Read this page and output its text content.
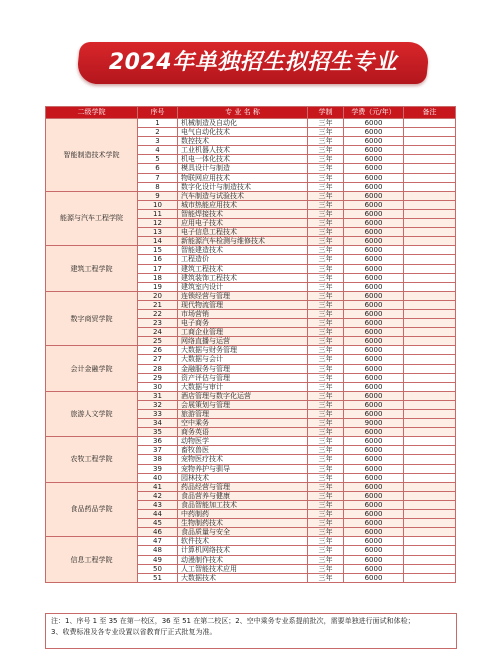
2024年单独招生拟招生专业
二级学院	序号	专 业 名 称	学制	学费（元/年）	备注
智能制造技术学院	1	机械制造及自动化	三年	6000	
	2	电气自动化技术	三年	6000	
	3	数控技术	三年	6000	
	4	工业机器人技术	三年	6000	
	5	机电一体化技术	三年	6000	
	6	模具设计与制造	三年	6000	
	7	物联网应用技术	三年	6000	
	8	数字化设计与制造技术	三年	6000	
能源与汽车工程学院	9	汽车制造与试验技术	三年	6000	
	10	城市热能应用技术	三年	6000	
	11	智能焊接技术	三年	6000	
	12	应用电子技术	三年	6000	
	13	电子信息工程技术	三年	6000	
	14	新能源汽车检测与维修技术	三年	6000	
建筑工程学院	15	智能建造技术	三年	6000	
	16	工程造价	三年	6000	
	17	建筑工程技术	三年	6000	
	18	建筑装饰工程技术	三年	6000	
	19	建筑室内设计	三年	6000	
数字商贸学院	20	连锁经营与管理	三年	6000	
	21	现代物流管理	三年	6000	
	22	市场营销	三年	6000	
	23	电子商务	三年	6000	
	24	工商企业管理	三年	6000	
	25	网络直播与运营	三年	6000	
会计金融学院	26	大数据与财务管理	三年	6000	
	27	大数据与会计	三年	6000	
	28	金融服务与管理	三年	6000	
	29	资产评估与管理	三年	6000	
	30	大数据与审计	三年	6000	
旅游人文学院	31	酒店管理与数字化运营	三年	6000	
	32	会展策划与管理	三年	6000	
	33	旅游管理	三年	6000	
	34	空中乘务	三年	9000	
	35	商务英语	三年	6000	
农牧工程学院	36	动物医学	三年	6000	
	37	畜牧兽医	三年	6000	
	38	宠物医疗技术	三年	6000	
	39	宠物养护与驯导	三年	6000	
	40	园林技术	三年	6000	
食品药品学院	41	药品经营与管理	三年	6000	
	42	食品营养与健康	三年	6000	
	43	食品智能加工技术	三年	6000	
	44	中药制药	三年	6000	
	45	生物制药技术	三年	6000	
	46	食品质量与安全	三年	6000	
信息工程学院	47	软件技术	三年	6000	
	48	计算机网络技术	三年	6000	
	49	动漫制作技术	三年	6000	
	50	人工智能技术应用	三年	6000	
	51	大数据技术	三年	6000	
注：1、序号 1 至 35 在第一校区，36 至 51 在第二校区；2、空中乘务专业系提前批次，需要单独进行面试和体检；
3、收费标准及各专业设置以省教育厅正式批复为准。
